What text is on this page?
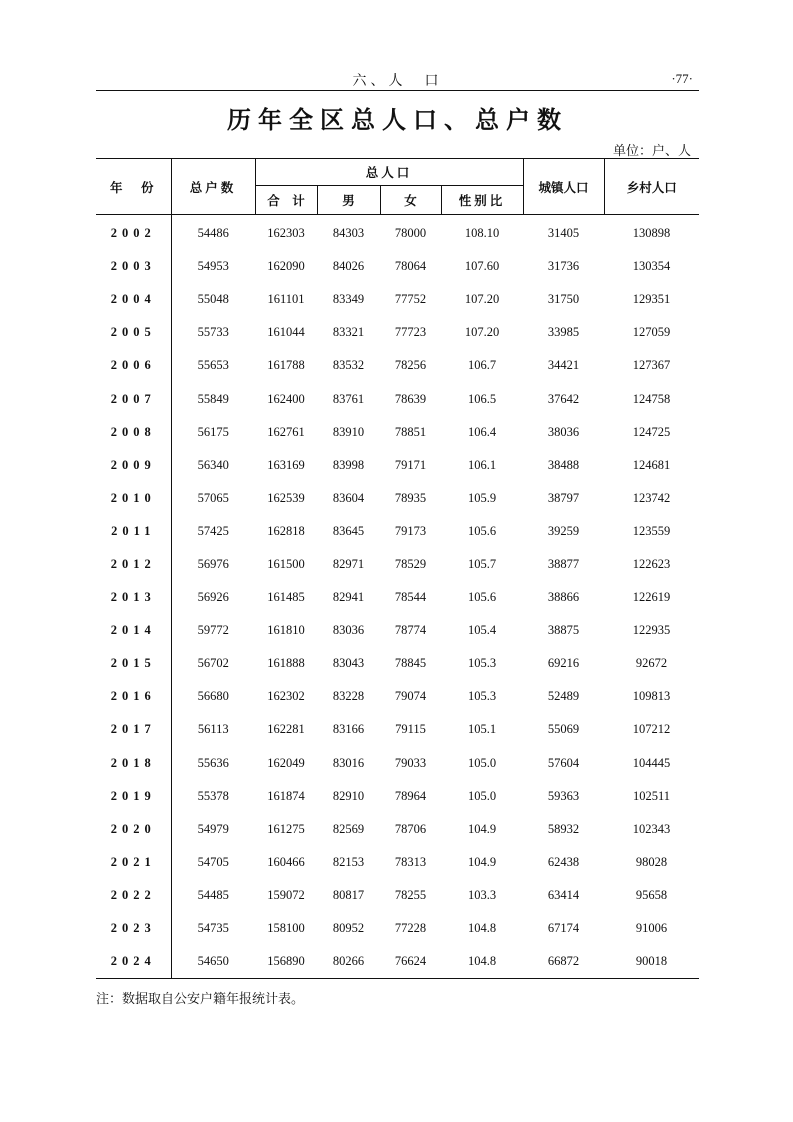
六、人　口	·77·
历年全区总人口、总户数
单位：户、人
年　份	总户数	总人口				城镇人口	乡村人口
		合　计	男	女	性别比		
2002	54486	162303	84303	78000	108.10	31405	130898
2003	54953	162090	84026	78064	107.60	31736	130354
2004	55048	161101	83349	77752	107.20	31750	129351
2005	55733	161044	83321	77723	107.20	33985	127059
2006	55653	161788	83532	78256	106.7	34421	127367
2007	55849	162400	83761	78639	106.5	37642	124758
2008	56175	162761	83910	78851	106.4	38036	124725
2009	56340	163169	83998	79171	106.1	38488	124681
2010	57065	162539	83604	78935	105.9	38797	123742
2011	57425	162818	83645	79173	105.6	39259	123559
2012	56976	161500	82971	78529	105.7	38877	122623
2013	56926	161485	82941	78544	105.6	38866	122619
2014	59772	161810	83036	78774	105.4	38875	122935
2015	56702	161888	83043	78845	105.3	69216	92672
2016	56680	162302	83228	79074	105.3	52489	109813
2017	56113	162281	83166	79115	105.1	55069	107212
2018	55636	162049	83016	79033	105.0	57604	104445
2019	55378	161874	82910	78964	105.0	59363	102511
2020	54979	161275	82569	78706	104.9	58932	102343
2021	54705	160466	82153	78313	104.9	62438	98028
2022	54485	159072	80817	78255	103.3	63414	95658
2023	54735	158100	80952	77228	104.8	67174	91006
2024	54650	156890	80266	76624	104.8	66872	90018
注：数据取自公安户籍年报统计表。
